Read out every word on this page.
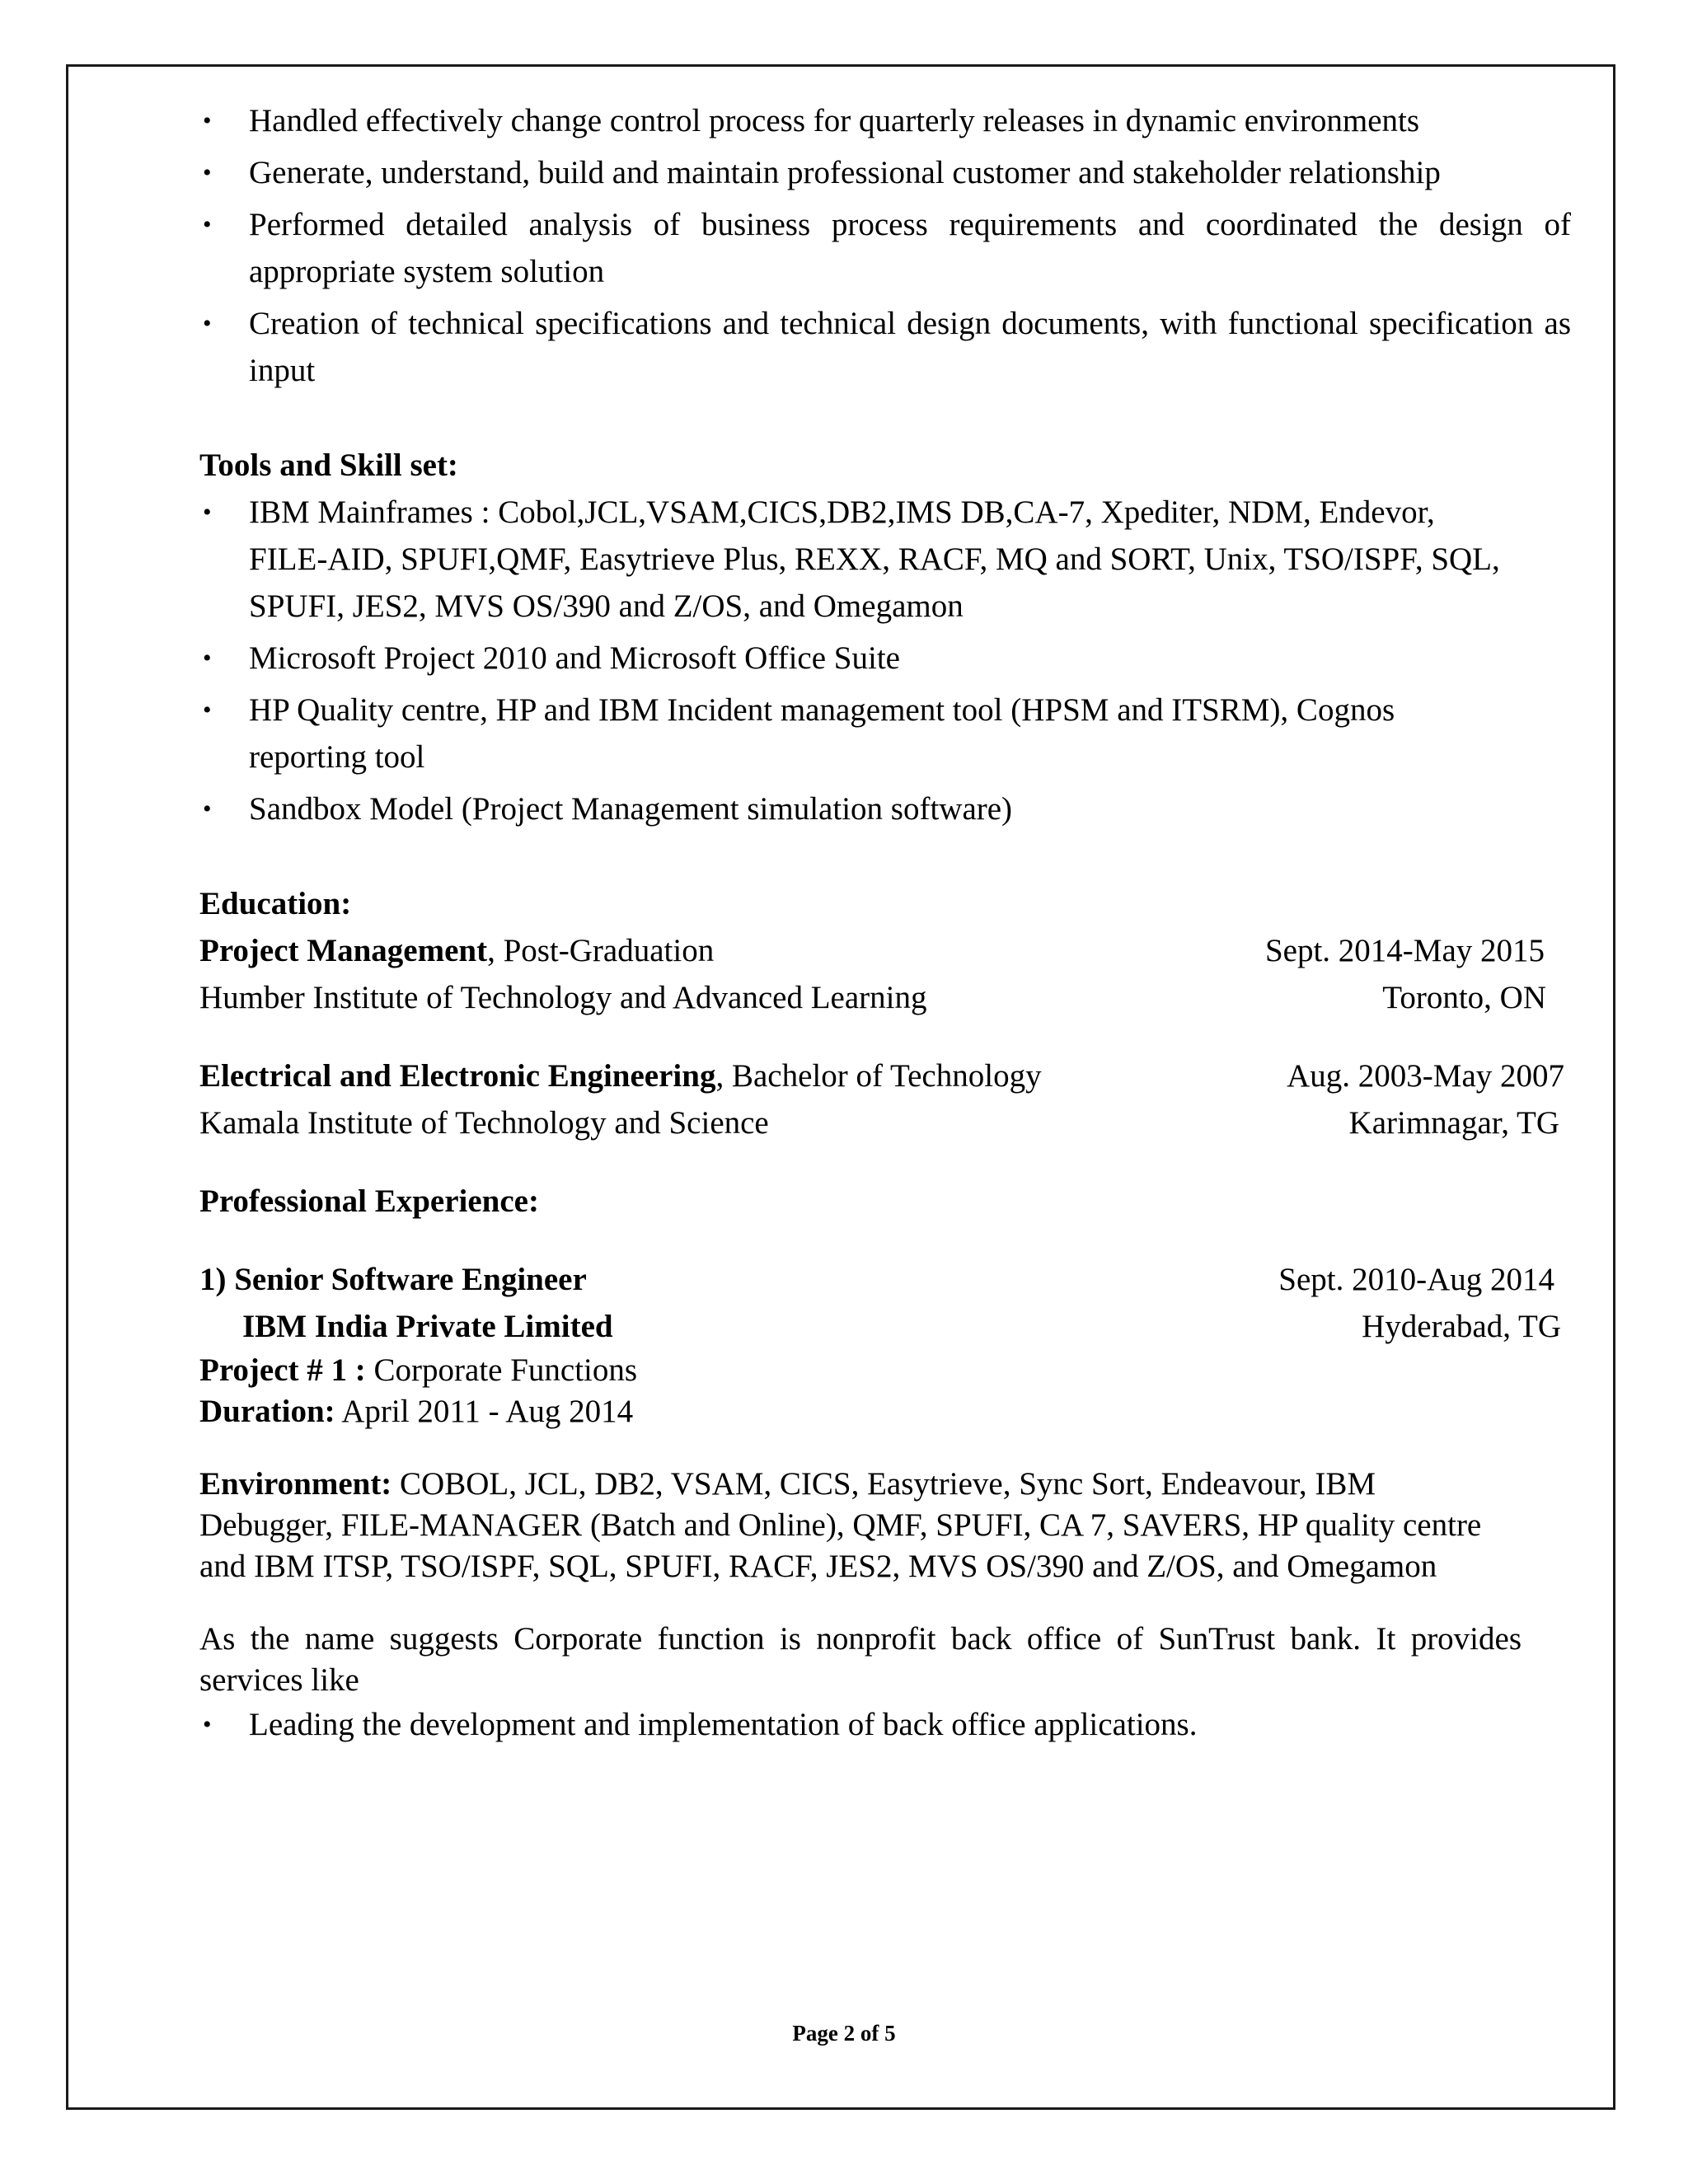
• Handled effectively change control process for quarterly releases in dynamic environments
• Generate, understand, build and maintain professional customer and stakeholder relationship
• Performed detailed analysis of business process requirements and coordinated the design of appropriate system solution
• Creation of technical specifications and technical design documents, with functional specification as input
Tools and Skill set:
• IBM Mainframes : Cobol,JCL,VSAM,CICS,DB2,IMS DB,CA-7, Xpediter, NDM, Endevor, FILE-AID, SPUFI,QMF, Easytrieve Plus, REXX, RACF, MQ and SORT, Unix, TSO/ISPF, SQL, SPUFI, JES2, MVS OS/390 and Z/OS, and Omegamon
• Microsoft Project 2010 and Microsoft Office Suite
• HP Quality centre, HP and IBM Incident management tool (HPSM and ITSRM), Cognos reporting tool
• Sandbox Model (Project Management simulation software)
Education:
Project Management, Post-Graduation	Sept. 2014-May 2015
Humber Institute of Technology and Advanced Learning	Toronto, ON
Electrical and Electronic Engineering, Bachelor of Technology	Aug. 2003-May 2007
Kamala Institute of Technology and Science	Karimnagar, TG
Professional Experience:
1) Senior Software Engineer	Sept. 2010-Aug 2014
IBM India Private Limited	Hyderabad, TG
Project # 1 : Corporate Functions
Duration: April 2011 - Aug 2014
Environment: COBOL, JCL, DB2, VSAM, CICS, Easytrieve, Sync Sort, Endeavour, IBM Debugger, FILE-MANAGER (Batch and Online), QMF, SPUFI, CA 7, SAVERS, HP quality centre and IBM ITSP, TSO/ISPF, SQL, SPUFI, RACF, JES2, MVS OS/390 and Z/OS, and Omegamon
As the name suggests Corporate function is nonprofit back office of SunTrust bank. It provides services like
• Leading the development and implementation of back office applications.
Page 2 of 5
